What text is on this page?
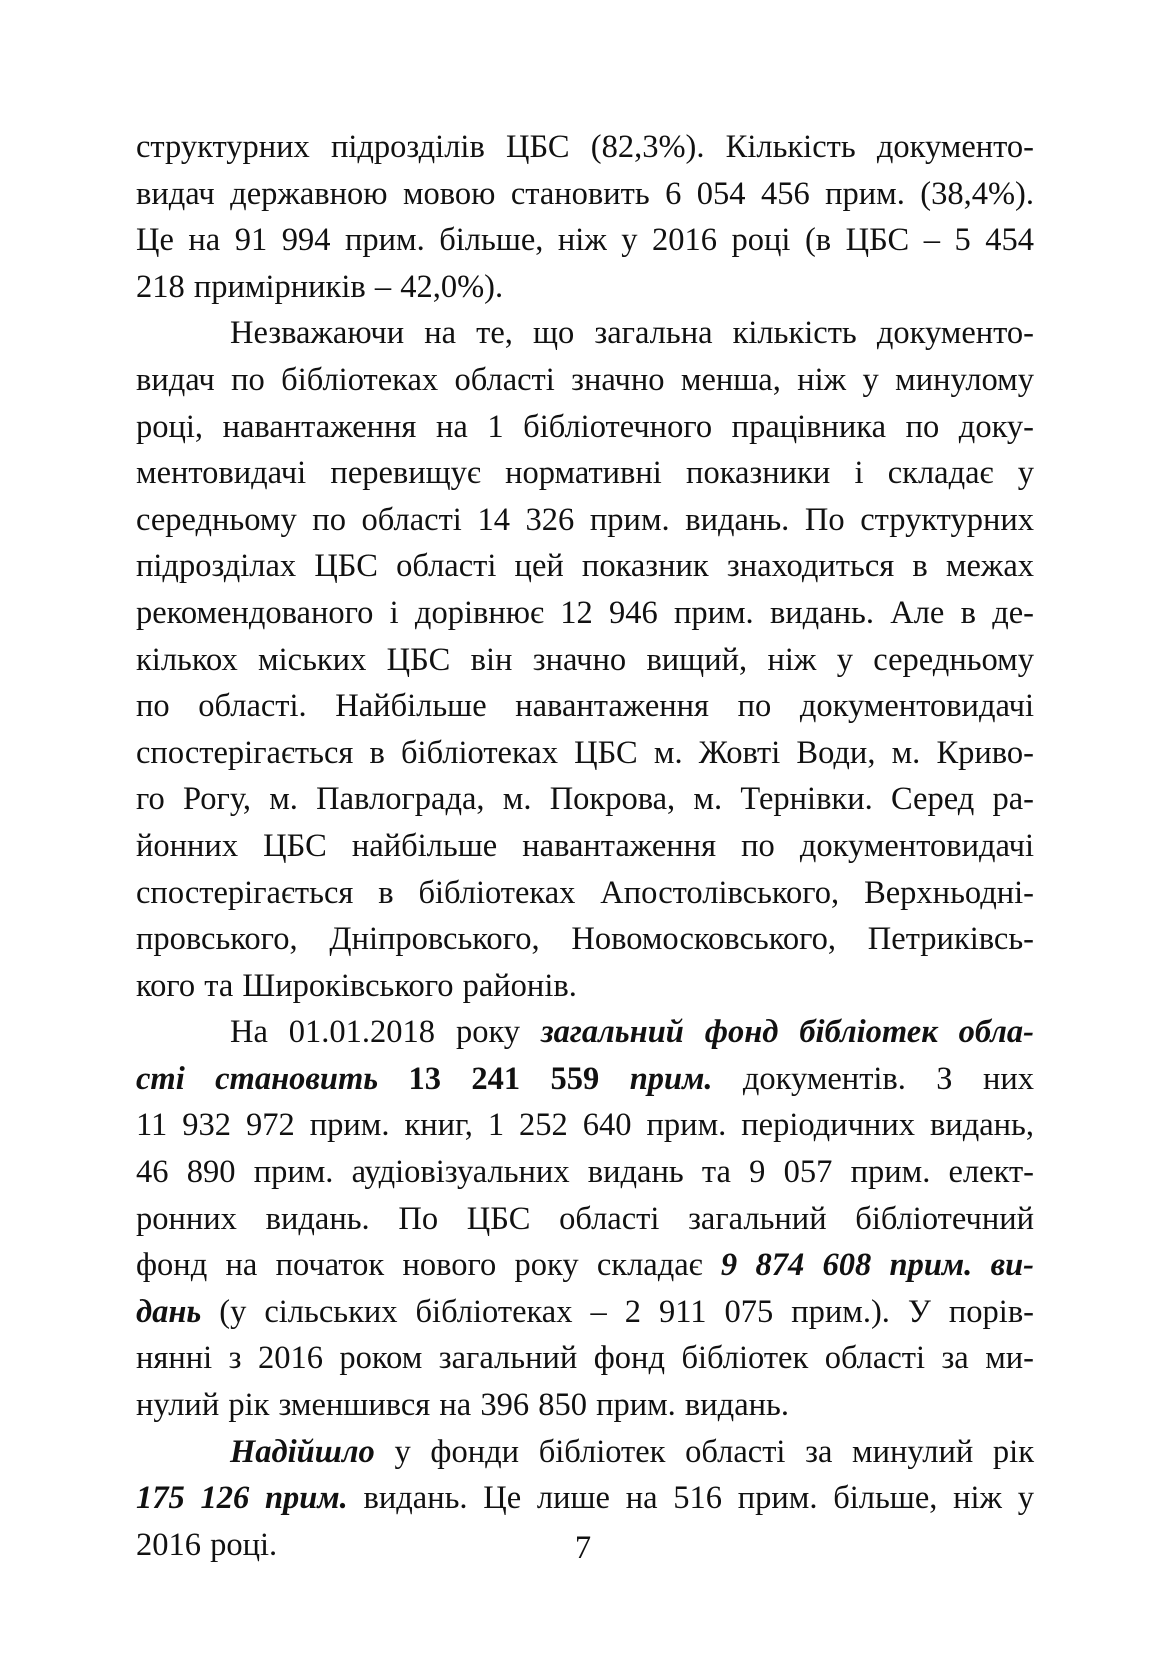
структурних підрозділів ЦБС (82,3%). Кількість документо-
видач державною мовою становить 6 054 456 прим. (38,4%).
Це на 91 994 прим. більше, ніж у 2016 році (в ЦБС – 5 454
218 примірників – 42,0%).
Незважаючи на те, що загальна кількість документо-
видач по бібліотеках області значно менша, ніж у минулому
році, навантаження на 1 бібліотечного працівника по доку-
ментовидачі перевищує нормативні показники і складає у
середньому по області 14 326 прим. видань. По структурних
підрозділах ЦБС області цей показник знаходиться в межах
рекомендованого і дорівнює 12 946 прим. видань. Але в де-
кількох міських ЦБС він значно вищий, ніж у середньому
по області. Найбільше навантаження по документовидачі
спостерігається в бібліотеках ЦБС м. Жовті Води, м. Криво-
го Рогу, м. Павлограда, м. Покрова, м. Тернівки. Серед ра-
йонних ЦБС найбільше навантаження по документовидачі
спостерігається в бібліотеках Апостолівського, Верхньодні-
провського, Дніпровського, Новомосковського, Петриківсь-
кого та Широківського районів.
На 01.01.2018 року загальний фонд бібліотек обла-
сті становить 13 241 559 прим. документів. З них
11 932 972 прим. книг, 1 252 640 прим. періодичних видань,
46 890 прим. аудіовізуальних видань та 9 057 прим. елект-
ронних видань. По ЦБС області загальний бібліотечний
фонд на початок нового року складає 9 874 608 прим. ви-
дань (у сільських бібліотеках – 2 911 075 прим.). У порів-
нянні з 2016 роком загальний фонд бібліотек області за ми-
нулий рік зменшився на 396 850 прим. видань.
Надійшло у фонди бібліотек області за минулий рік
175 126 прим. видань. Це лише на 516 прим. більше, ніж у
2016 році.	7
